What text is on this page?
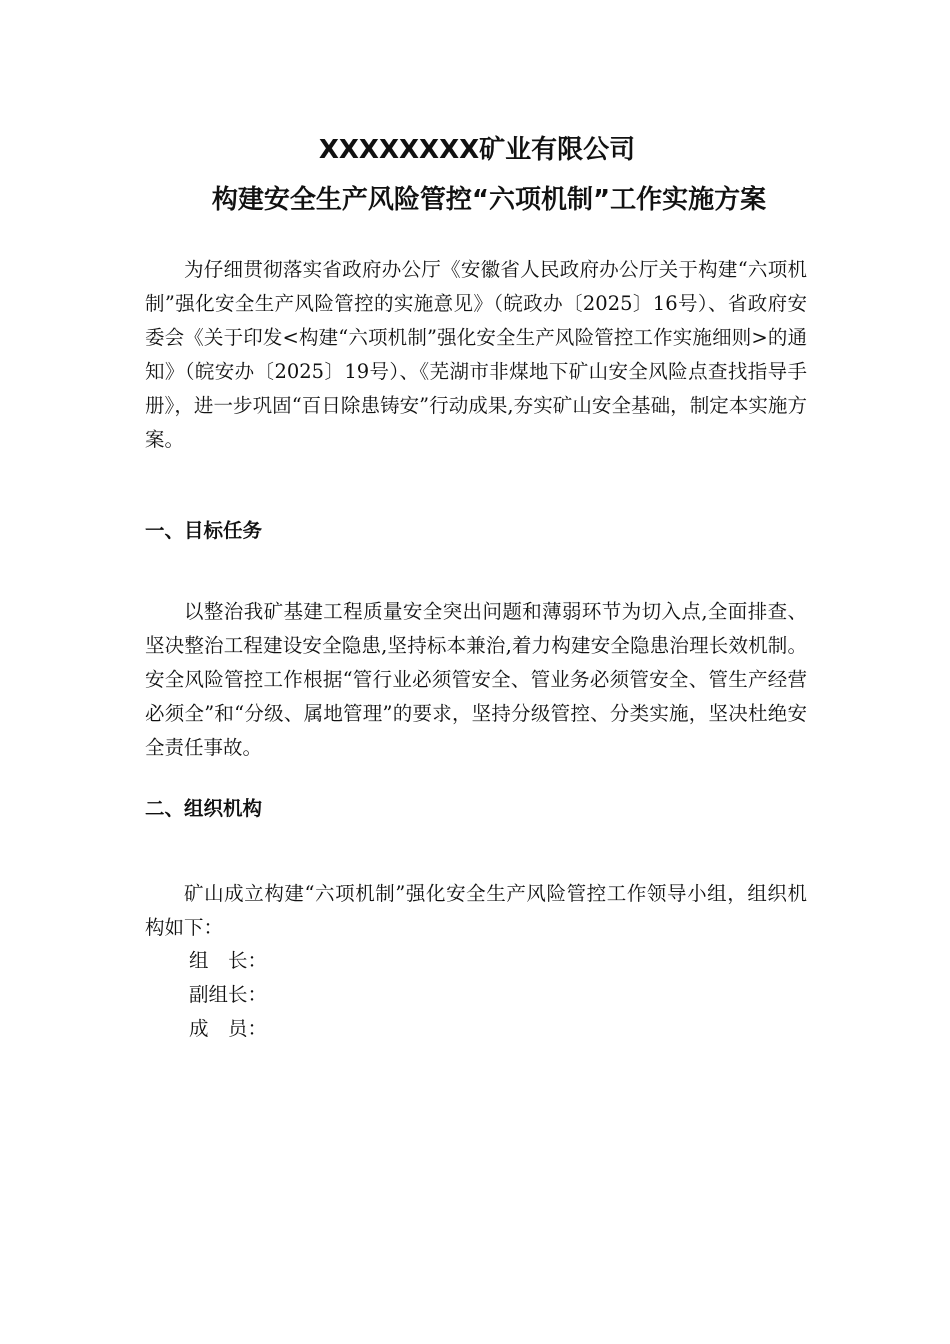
XXXXXXXX矿业有限公司
构建安全生产风险管控“六项机制”工作实施方案

为仔细贯彻落实省政府办公厅《安徽省人民政府办公厅关于构建“六项机制”强化安全生产风险管控的实施意见》（皖政办〔2025〕16号）、省政府安委会《关于印发<构建“六项机制”强化安全生产风险管控工作实施细则>的通知》（皖安办〔2025〕19号）、《芜湖市非煤地下矿山安全风险点查找指导手册》，进一步巩固“百日除患铸安”行动成果,夯实矿山安全基础，制定本实施方案。

一、目标任务

以整治我矿基建工程质量安全突出问题和薄弱环节为切入点,全面排查、坚决整治工程建设安全隐患,坚持标本兼治,着力构建安全隐患治理长效机制。安全风险管控工作根据“管行业必须管安全、管业务必须管安全、管生产经营必须全”和“分级、属地管理”的要求，坚持分级管控、分类实施，坚决杜绝安全责任事故。

二、组织机构

矿山成立构建“六项机制”强化安全生产风险管控工作领导小组，组织机构如下：

组　长：

副组长：

成　员：
